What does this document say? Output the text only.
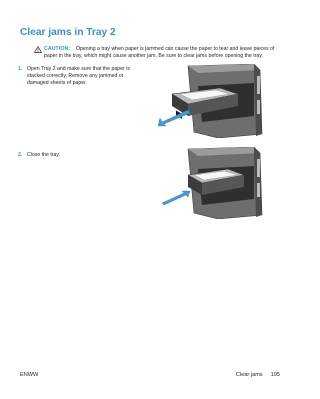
Clear jams in Tray 2
CAUTION: Opening a tray when paper is jammed can cause the paper to tear and leave pieces of paper in the tray, which might cause another jam. Be sure to clear jams before opening the tray.
1. Open Tray 2 and make sure that the paper is stacked correctly. Remove any jammed or damaged sheets of paper.
2. Close the tray.
ENWW	Clear jams 195
